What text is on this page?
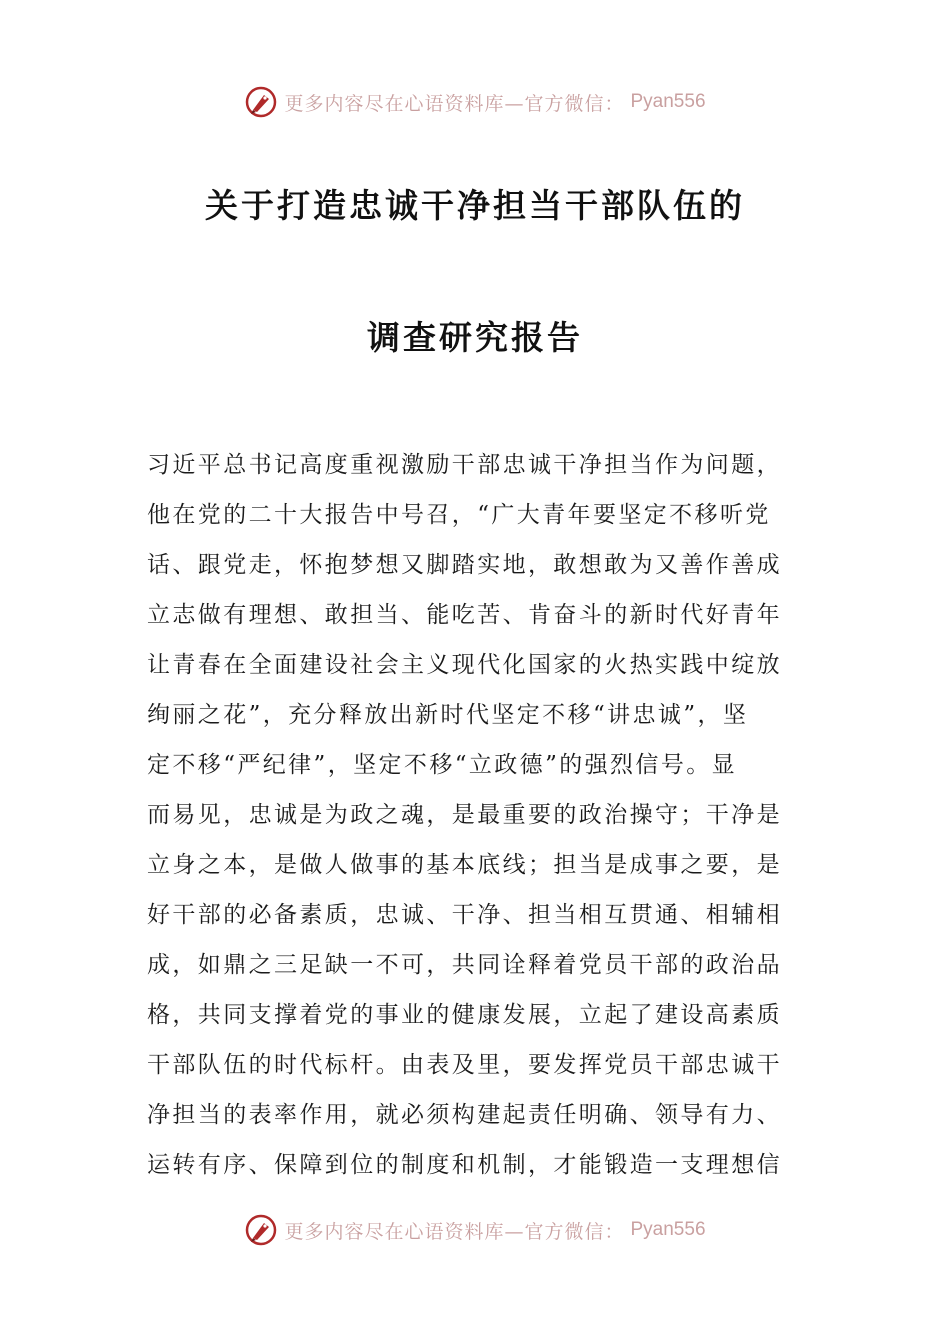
更多内容尽在心语资料库—官方微信： Pyan556
关于打造忠诚干净担当干部队伍的
调查研究报告
习近平总书记高度重视激励干部忠诚干净担当作为问题，
他在党的二十大报告中号召，“广大青年要坚定不移听党
话、跟党走，怀抱梦想又脚踏实地，敢想敢为又善作善成
立志做有理想、敢担当、能吃苦、肯奋斗的新时代好青年
让青春在全面建设社会主义现代化国家的火热实践中绽放
绚丽之花”，充分释放出新时代坚定不移“讲忠诚”，坚
定不移“严纪律”，坚定不移“立政德”的强烈信号。显
而易见，忠诚是为政之魂，是最重要的政治操守；干净是
立身之本，是做人做事的基本底线；担当是成事之要，是
好干部的必备素质，忠诚、干净、担当相互贯通、相辅相
成，如鼎之三足缺一不可，共同诠释着党员干部的政治品
格，共同支撑着党的事业的健康发展，立起了建设高素质
干部队伍的时代标杆。由表及里，要发挥党员干部忠诚干
净担当的表率作用，就必须构建起责任明确、领导有力、
运转有序、保障到位的制度和机制，才能锻造一支理想信
更多内容尽在心语资料库—官方微信： Pyan556
